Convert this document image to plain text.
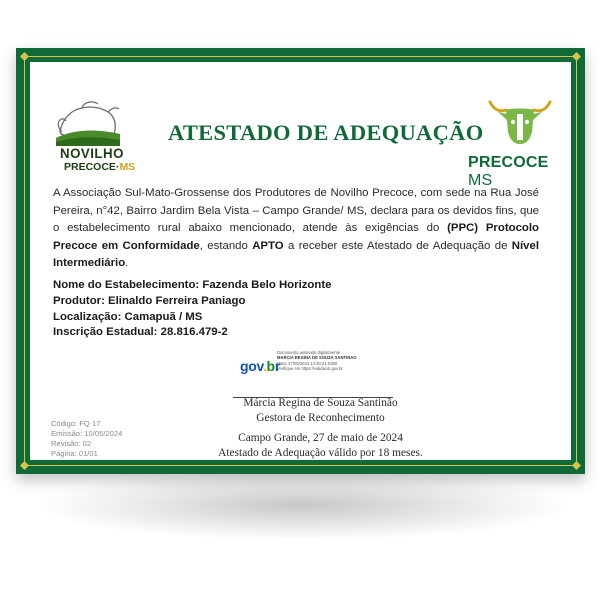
NOVILHO
PRECOCE·MS
ATESTADO DE ADEQUAÇÃO
PRECOCE MS
A Associação Sul-Mato-Grossense dos Produtores de Novilho Precoce, com sede na Rua José Pereira, n°42, Bairro Jardim Bela Vista – Campo Grande/ MS, declara para os devidos fins, que o estabelecimento rural abaixo mencionado, atende às exigências do (PPC) Protocolo Precoce em Conformidade, estando APTO a receber este Atestado de Adequação de Nível Intermediário.
Nome do Estabelecimento: Fazenda Belo Horizonte
Produtor: Elinaldo Ferreira Paniago
Localização: Camapuã / MS
Inscrição Estadual: 28.816.479-2
gov.br
Documento assinado digitalmente
MARCIA REGINA DE SOUZA SANTINAO
Data: 27/05/2024 14:30:21-0300
Verifique em https://validar.iti.gov.br
Márcia Regina de Souza Santinão
Gestora de Reconhecimento
Campo Grande, 27 de maio de 2024
Atestado de Adequação válido por 18 meses.
Código: FQ 17
Emissão: 10/05/2024
Revisão: 02
Página: 01/01
